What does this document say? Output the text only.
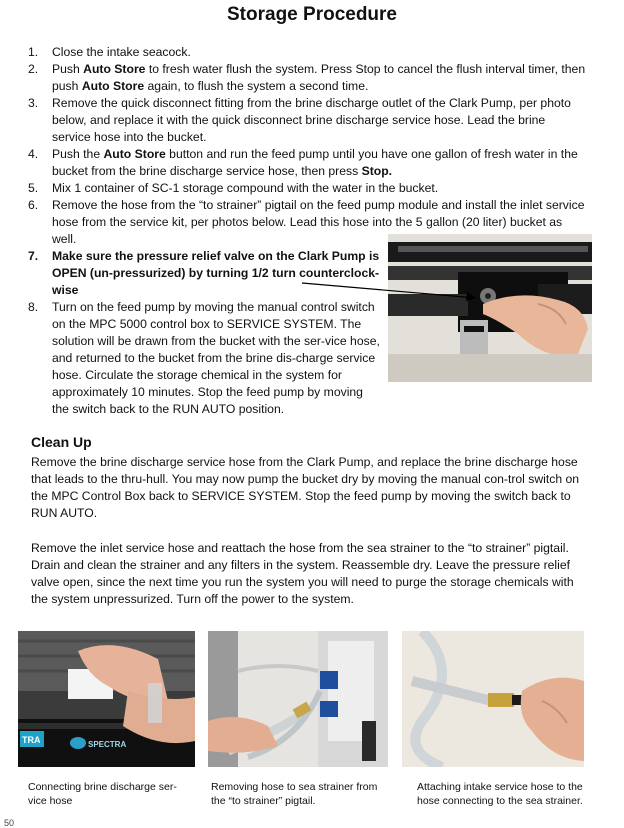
Storage Procedure
1. Close the intake seacock.
2. Push Auto Store to fresh water flush the system. Press Stop to cancel the flush interval timer, then push Auto Store again, to flush the system a second time.
3. Remove the quick disconnect fitting from the brine discharge outlet of the Clark Pump, per photo below, and replace it with the quick disconnect brine discharge service hose. Lead the brine service hose into the bucket.
4. Push the Auto Store button and run the feed pump until you have one gallon of fresh water in the bucket from the brine discharge service hose, then press Stop.
5. Mix 1 container of SC-1 storage compound with the water in the bucket.
6. Remove the hose from the “to strainer” pigtail on the feed pump module and install the inlet service hose from the service kit, per photos below. Lead this hose into the 5 gallon (20 liter) bucket as well.
7. Make sure the pressure relief valve on the Clark Pump is OPEN (un-pressurized) by turning 1/2 turn counterclock-wise
8. Turn on the feed pump by moving the manual control switch on the MPC 5000 control box to SERVICE SYSTEM. The solution will be drawn from the bucket with the ser-vice hose, and returned to the bucket from the brine dis-charge service hose. Circulate the storage chemical in the system for approximately 10 minutes. Stop the feed pump by moving the switch back to the RUN AUTO position.
Clean Up

Remove the brine discharge service hose from the Clark Pump, and replace the brine discharge hose that leads to the thru-hull. You may now pump the bucket dry by moving the manual con-trol switch on the MPC Control Box back to SERVICE SYSTEM. Stop the feed pump by moving the switch back to RUN AUTO.

Remove the inlet service hose and reattach the hose from the sea strainer to the “to strainer” pigtail. Drain and clean the strainer and any filters in the system. Reassemble dry. Leave the pressure relief valve open, since the next time you run the system you will need to purge the storage chemicals with the system unpressurized. Turn off the power to the system.

TRA	SPECTRA

Connecting brine discharge ser-vice hose

Removing hose to sea strainer from the “to strainer” pigtail.

Attaching intake service hose to the hose connecting to the sea strainer.

50
